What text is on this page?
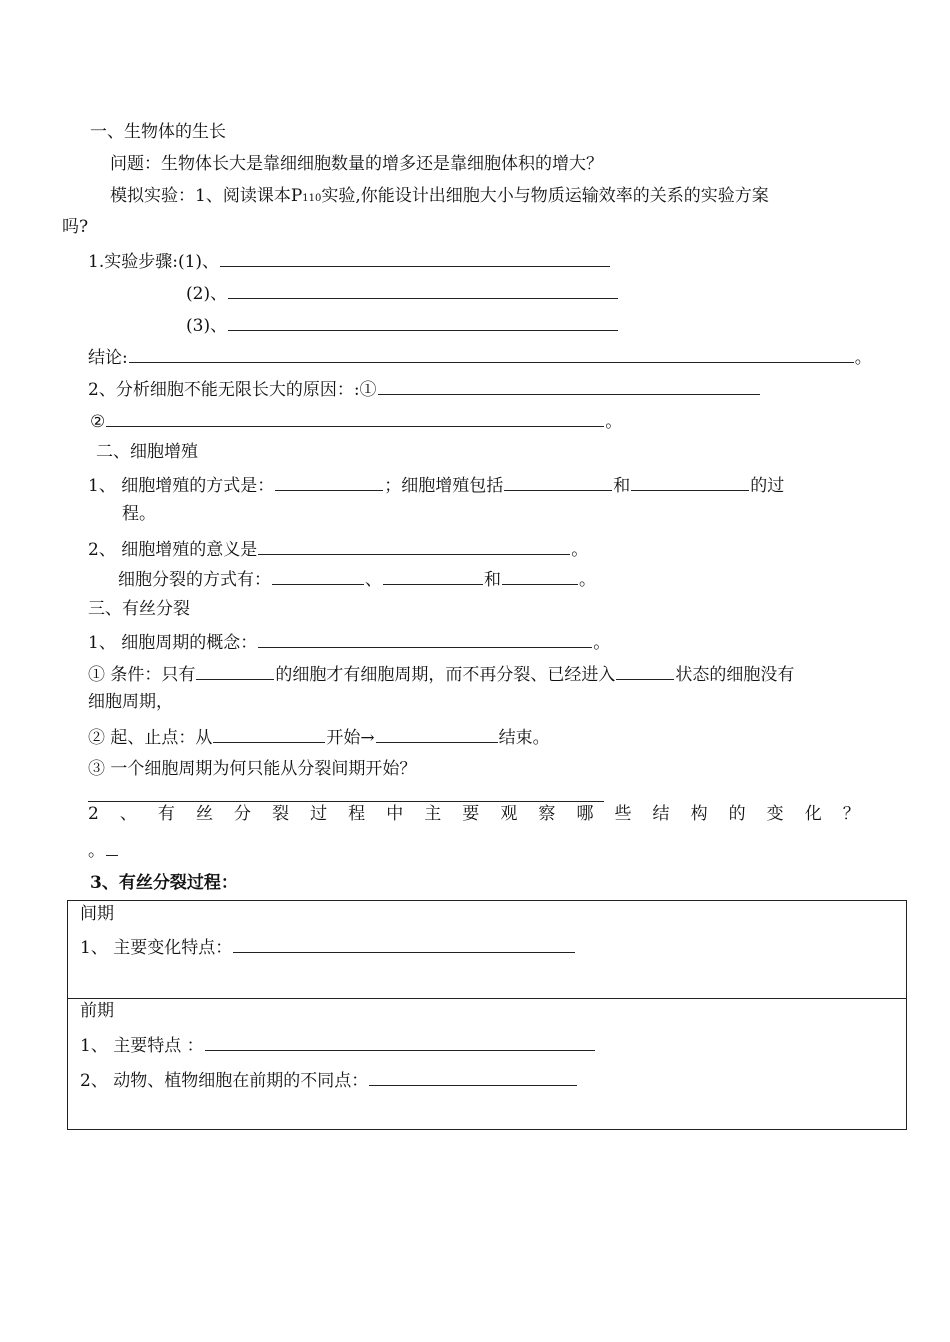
一、生物体的生长
问题：生物体长大是靠细细胞数量的增多还是靠细胞体积的增大？
模拟实验：1、阅读课本P110实验,你能设计出细胞大小与物质运输效率的关系的实验方案
吗?
1.实验步骤:(1)、
(2)、
(3)、
结论:	。
2、分析细胞不能无限长大的原因：:①
②	。
二、细胞增殖
1、 细胞增殖的方式是：	；细胞增殖包括	和	的过
程。
2、 细胞增殖的意义是	。
细胞分裂的方式有：	、	和	。
三、有丝分裂
1、 细胞周期的概念：	。
① 条件：只有	的细胞才有细胞周期，而不再分裂、已经进入	状态的细胞没有
细胞周期，
② 起、止点：从	开始→	结束。
③ 一个细胞周期为何只能从分裂间期开始？
2 、 有 丝 分 裂 过 程 中 主 要 观 察 哪 些 结 构 的 变 化 ？
。
3、有丝分裂过程：
间期
1、 主要变化特点：
前期
1、 主要特点 ：
2、 动物、植物细胞在前期的不同点：
